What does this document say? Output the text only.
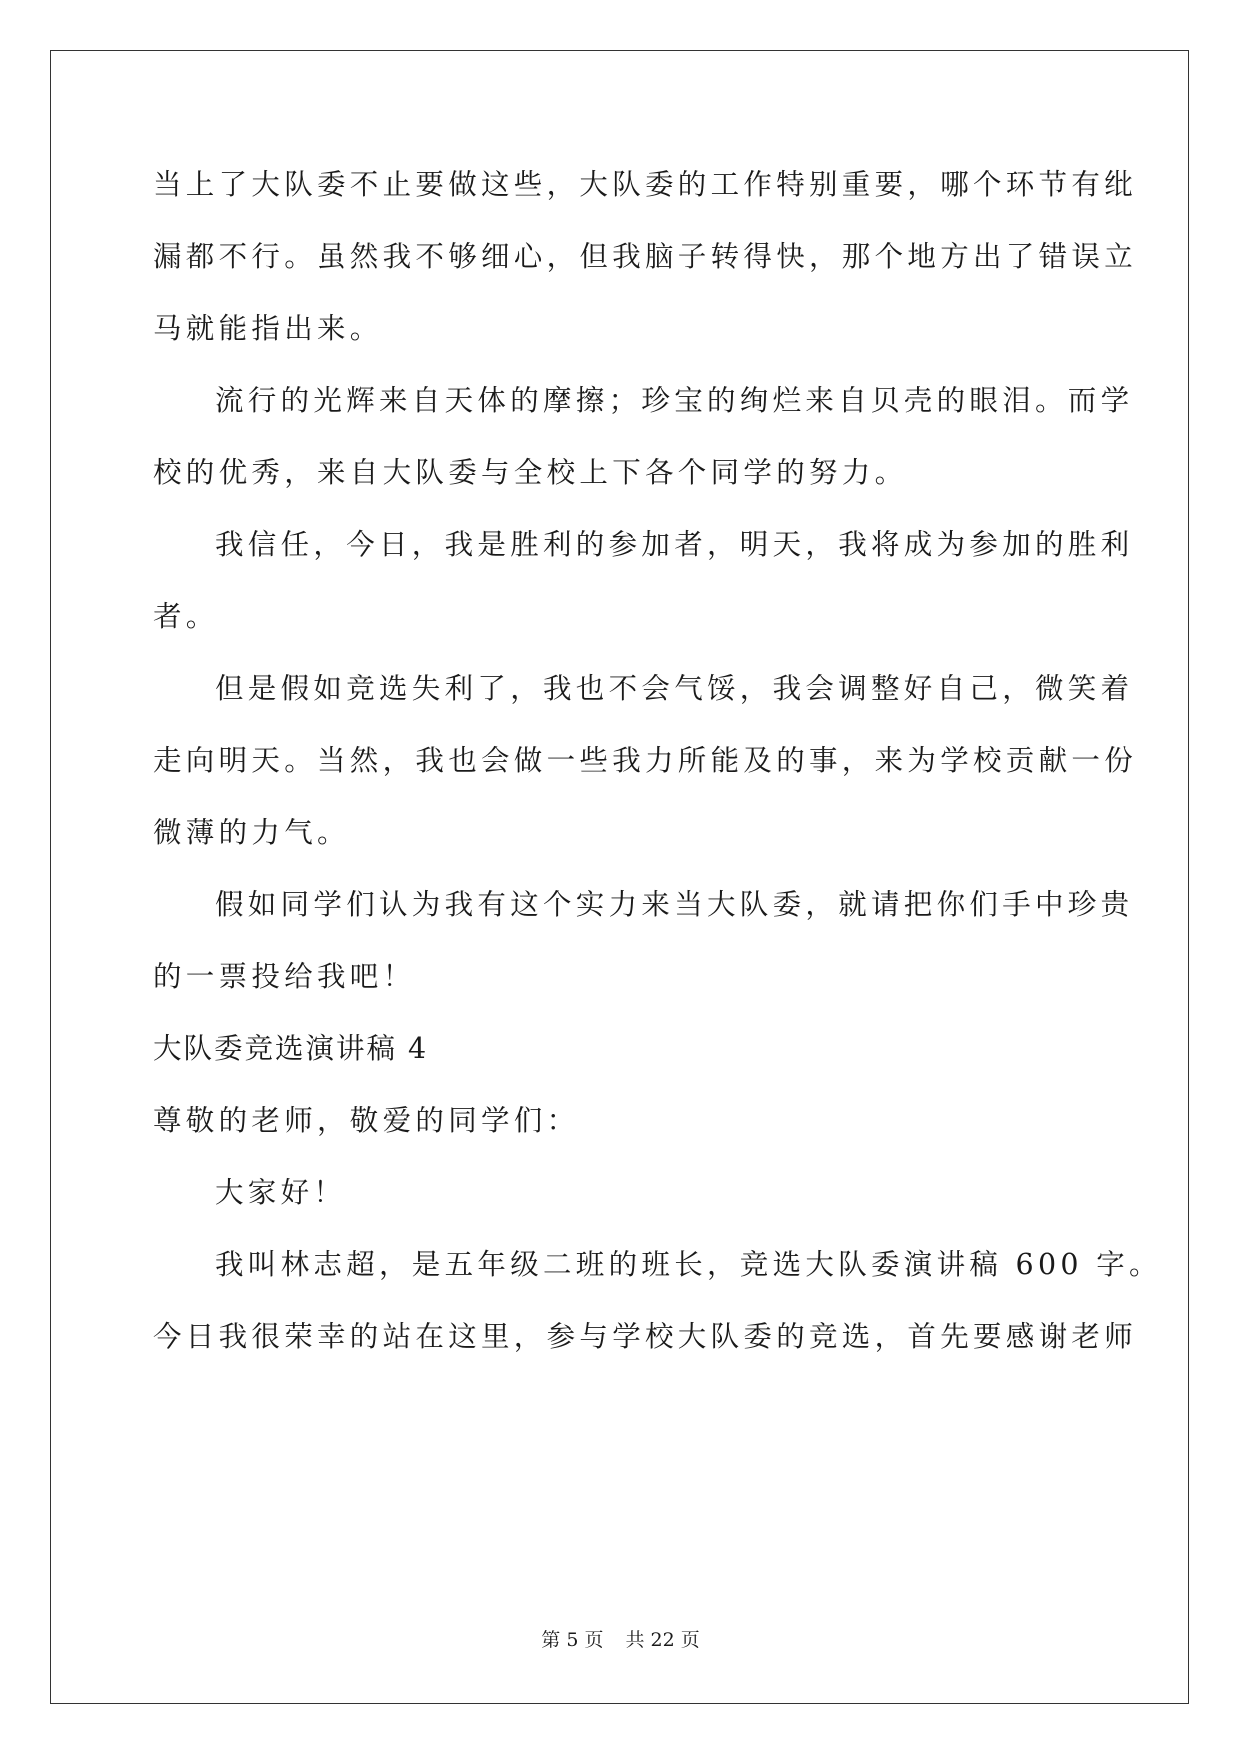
当上了大队委不止要做这些，大队委的工作特别重要，哪个环节有纰
漏都不行。虽然我不够细心，但我脑子转得快，那个地方出了错误立
马就能指出来。
流行的光辉来自天体的摩擦；珍宝的绚烂来自贝壳的眼泪。而学
校的优秀，来自大队委与全校上下各个同学的努力。
我信任，今日，我是胜利的参加者，明天，我将成为参加的胜利
者。
但是假如竞选失利了，我也不会气馁，我会调整好自己，微笑着
走向明天。当然，我也会做一些我力所能及的事，来为学校贡献一份
微薄的力气。
假如同学们认为我有这个实力来当大队委，就请把你们手中珍贵
的一票投给我吧！
大队委竞选演讲稿 4
尊敬的老师，敬爱的同学们：
大家好！
我叫林志超，是五年级二班的班长，竞选大队委演讲稿 600 字。
今日我很荣幸的站在这里，参与学校大队委的竞选，首先要感谢老师
第 5 页 共 22 页
